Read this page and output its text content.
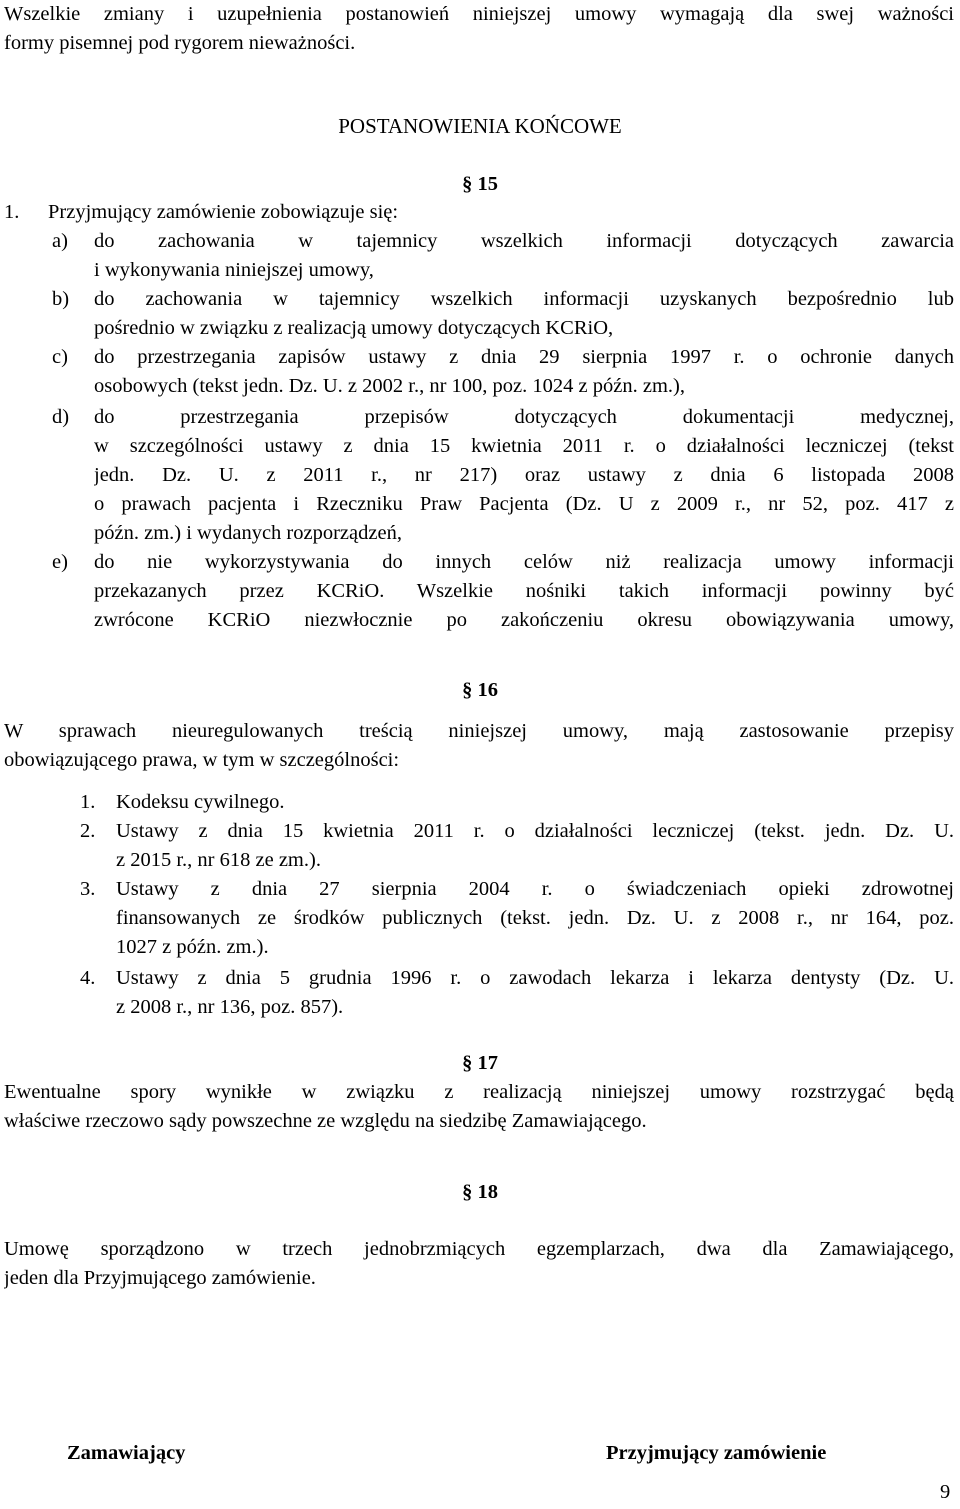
Wszelkie zmiany i uzupełnienia postanowień niniejszej umowy wymagają dla swej ważności
formy pisemnej pod rygorem nieważności.
POSTANOWIENIA KOŃCOWE
§ 15
1. Przyjmujący zamówienie zobowiązuje się:
a) do zachowania w tajemnicy wszelkich informacji dotyczących zawarcia
i wykonywania niniejszej umowy,
b) do zachowania w tajemnicy wszelkich informacji uzyskanych bezpośrednio lub
pośrednio w związku z realizacją umowy dotyczących KCRiO,
c) do przestrzegania zapisów ustawy z dnia 29 sierpnia 1997 r. o ochronie danych
osobowych (tekst jedn. Dz. U. z 2002 r., nr 100, poz. 1024 z późn. zm.),
d) do przestrzegania przepisów dotyczących dokumentacji medycznej,
w szczególności ustawy z dnia 15 kwietnia 2011 r. o działalności leczniczej (tekst
jedn. Dz. U. z 2011 r., nr 217) oraz ustawy z dnia 6 listopada 2008
o prawach pacjenta i Rzeczniku Praw Pacjenta (Dz. U z 2009 r., nr 52, poz. 417 z
późn. zm.) i wydanych rozporządzeń,
e) do nie wykorzystywania do innych celów niż realizacja umowy informacji
przekazanych przez KCRiO. Wszelkie nośniki takich informacji powinny być
zwrócone KCRiO niezwłocznie po zakończeniu okresu obowiązywania umowy,
§ 16
W sprawach nieuregulowanych treścią niniejszej umowy, mają zastosowanie przepisy
obowiązującego prawa, w tym w szczególności:
1. Kodeksu cywilnego.
2. Ustawy z dnia 15 kwietnia 2011 r. o działalności leczniczej (tekst. jedn. Dz. U.
z 2015 r., nr 618 ze zm.).
3. Ustawy z dnia 27 sierpnia 2004 r. o świadczeniach opieki zdrowotnej
finansowanych ze środków publicznych (tekst. jedn. Dz. U. z 2008 r., nr 164, poz.
1027 z późn. zm.).
4. Ustawy z dnia 5 grudnia 1996 r. o zawodach lekarza i lekarza dentysty (Dz. U.
z 2008 r., nr 136, poz. 857).
§ 17
Ewentualne spory wynikłe w związku z realizacją niniejszej umowy rozstrzygać będą
właściwe rzeczowo sądy powszechne ze względu na siedzibę Zamawiającego.
§ 18
Umowę sporządzono w trzech jednobrzmiących egzemplarzach, dwa dla Zamawiającego,
jeden dla Przyjmującego zamówienie.
Zamawiający	Przyjmujący zamówienie
9
